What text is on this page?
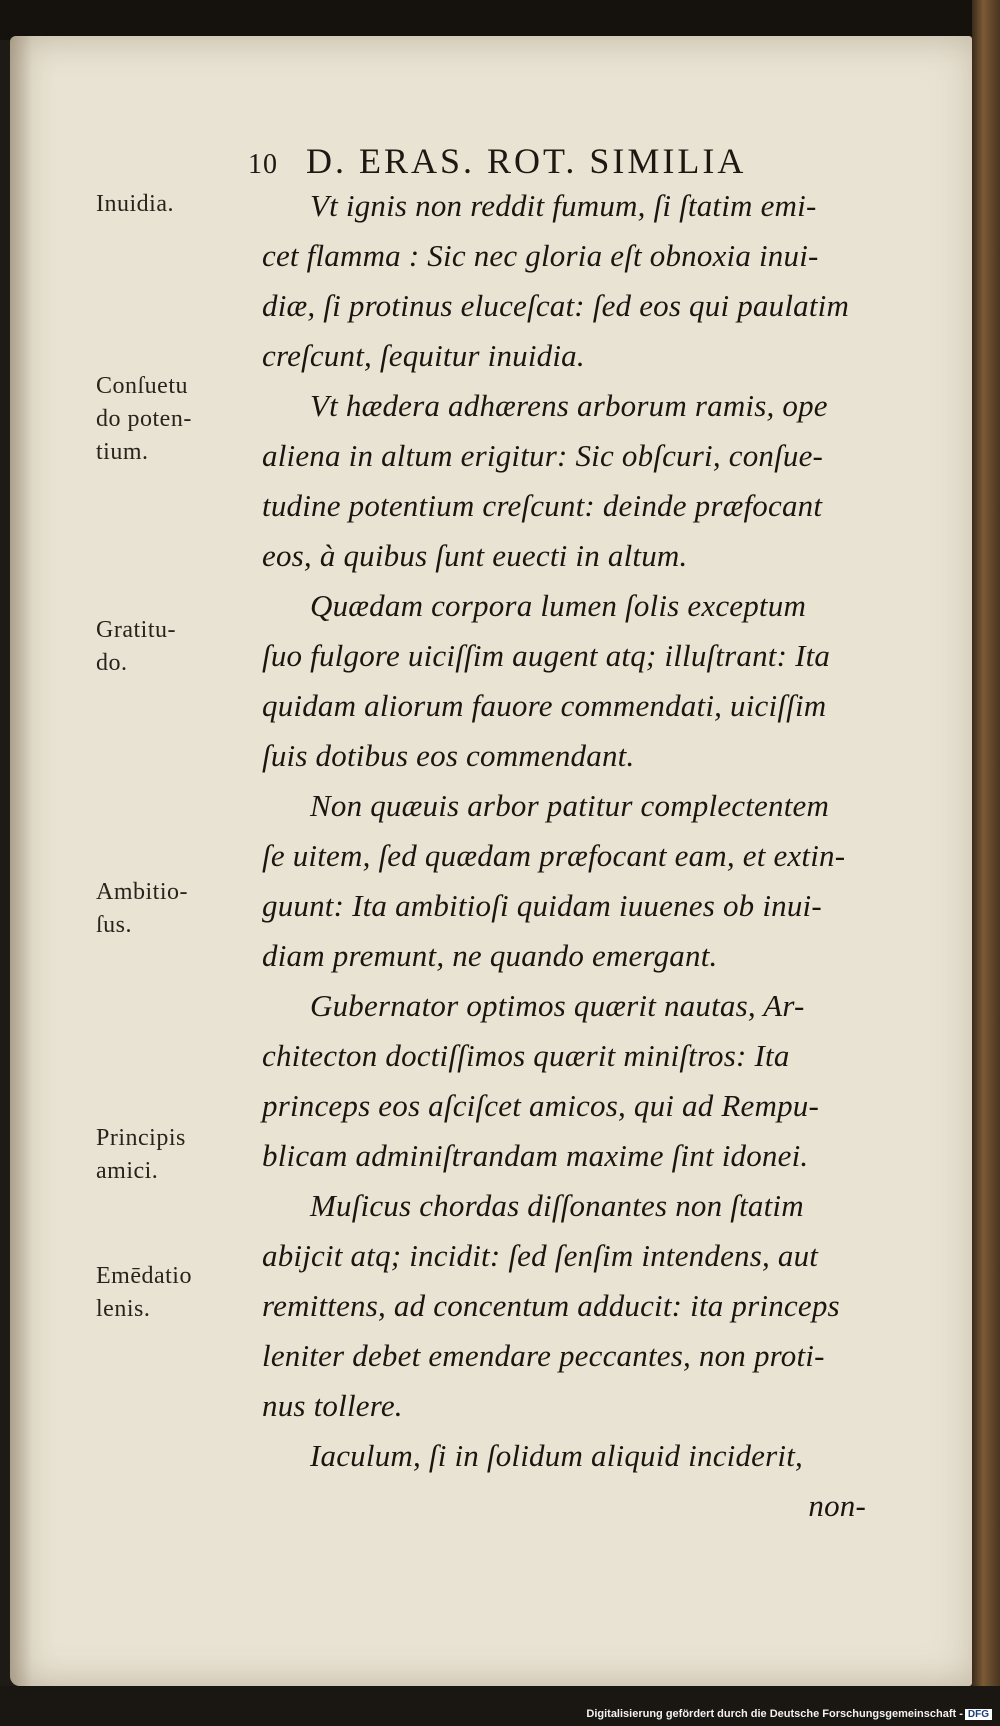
10 D. ERAS. ROT. SIMILIA
Inuidia.
Conſuetu
do poten-
tium.
Gratitu-
do.
Ambitio-
ſus.
Principis
amici.
Emēdatio
lenis.
Vt ignis non reddit fumum, ſi ſtatim emi-
cet flamma : Sic nec gloria eſt obnoxia inui-
diæ, ſi protinus eluceſcat: ſed eos qui paulatim
creſcunt, ſequitur inuidia.
Vt hædera adhærens arborum ramis, ope
aliena in altum erigitur: Sic obſcuri, conſue-
tudine potentium creſcunt: deinde præfocant
eos, à quibus ſunt euecti in altum.
Quædam corpora lumen ſolis exceptum
ſuo fulgore uiciſſim augent atq; illuſtrant: Ita
quidam aliorum fauore commendati, uiciſſim
ſuis dotibus eos commendant.
Non quæuis arbor patitur complectentem
ſe uitem, ſed quædam præfocant eam, et extin-
guunt: Ita ambitioſi quidam iuuenes ob inui-
diam premunt, ne quando emergant.
Gubernator optimos quærit nautas, Ar-
chitecton doctiſſimos quærit miniſtros: Ita
princeps eos aſciſcet amicos, qui ad Rempu-
blicam adminiſtrandam maxime ſint idonei.
Muſicus chordas diſſonantes non ſtatim
abijcit atq; incidit: ſed ſenſim intendens, aut
remittens, ad concentum adducit: ita princeps
leniter debet emendare peccantes, non proti-
nus tollere.
Iaculum, ſi in ſolidum aliquid inciderit,
non-
Digitalisierung gefördert durch die Deutsche Forschungsgemeinschaft - DFG
